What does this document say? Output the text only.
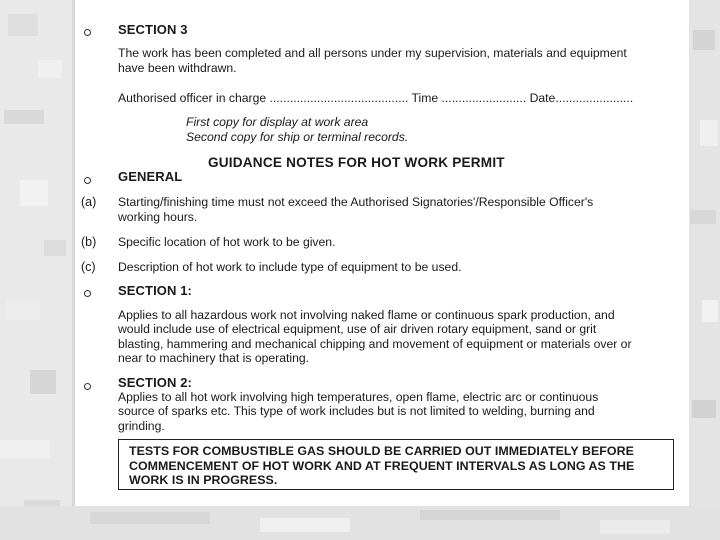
SECTION 3
The work has been completed and all persons under my supervision, materials and equipment
have been withdrawn.
Authorised officer in charge ......................................... Time ......................... Date.......................
First copy for display at work area
Second copy for ship or terminal records.
GUIDANCE NOTES FOR HOT WORK PERMIT
GENERAL
(a) Starting/finishing time must not exceed the Authorised Signatories'/Responsible Officer's
working hours.
(b) Specific location of hot work to be given.
(c) Description of hot work to include type of equipment to be used.
SECTION 1:
Applies to all hazardous work not involving naked flame or continuous spark production, and
would include use of electrical equipment, use of air driven rotary equipment, sand or grit
blasting, hammering and mechanical chipping and movement of equipment or materials over or
near to machinery that is operating.
SECTION 2:
Applies to all hot work involving high temperatures, open flame, electric arc or continuous
source of sparks etc. This type of work includes but is not limited to welding, burning and
grinding.
TESTS FOR COMBUSTIBLE GAS SHOULD BE CARRIED OUT IMMEDIATELY BEFORE
COMMENCEMENT OF HOT WORK AND AT FREQUENT INTERVALS AS LONG AS THE
WORK IS IN PROGRESS.
